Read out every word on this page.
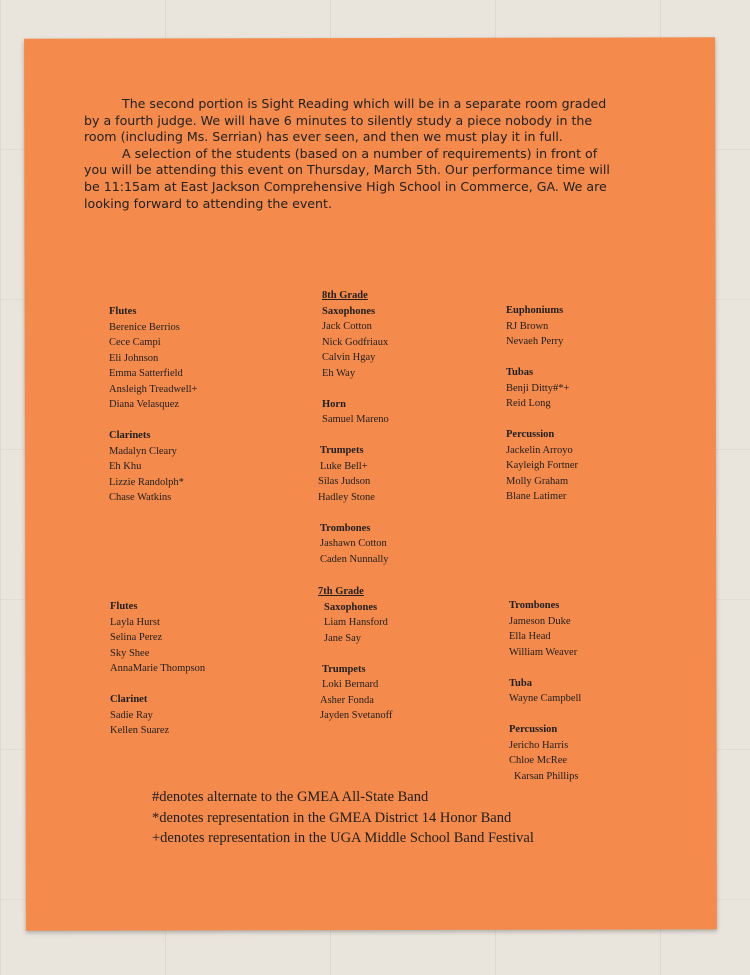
The second portion is Sight Reading which will be in a separate room graded by a fourth judge. We will have 6 minutes to silently study a piece nobody in the room (including Ms. Serrian) has ever seen, and then we must play it in full.

A selection of the students (based on a number of requirements) in front of you will be attending this event on Thursday, March 5th. Our performance time will be 11:15am at East Jackson Comprehensive High School in Commerce, GA. We are looking forward to attending the event.

Flutes
Berenice Berrios
Cece Campi
Eli Johnson
Emma Satterfield
Ansleigh Treadwell+
Diana Velasquez
Clarinets
Madalyn Cleary
Eh Khu
Lizzie Randolph*
Chase Watkins
8th Grade
Saxophones
Jack Cotton
Nick Godfriaux
Calvin Hgay
Eh Way
Horn
Samuel Mareno
Trumpets
Luke Bell+
Silas Judson
Hadley Stone
Trombones
Jashawn Cotton
Caden Nunnally
Euphoniums
RJ Brown
Nevaeh Perry
Tubas
Benji Ditty#*+
Reid Long
Percussion
Jackelin Arroyo
Kayleigh Fortner
Molly Graham
Blane Latimer
Flutes
Layla Hurst
Selina Perez
Sky Shee
AnnaMarie Thompson
Clarinet
Sadie Ray
Kellen Suarez
7th Grade
Saxophones
Liam Hansford
Jane Say
Trumpets
Loki Bernard
Asher Fonda
Jayden Svetanoff
Trombones
Jameson Duke
Ella Head
William Weaver
Tuba
Wayne Campbell
Percussion
Jericho Harris
Chloe McRee
Karsan Phillips
#denotes alternate to the GMEA All-State Band
*denotes representation in the GMEA District 14 Honor Band
+denotes representation in the UGA Middle School Band Festival
